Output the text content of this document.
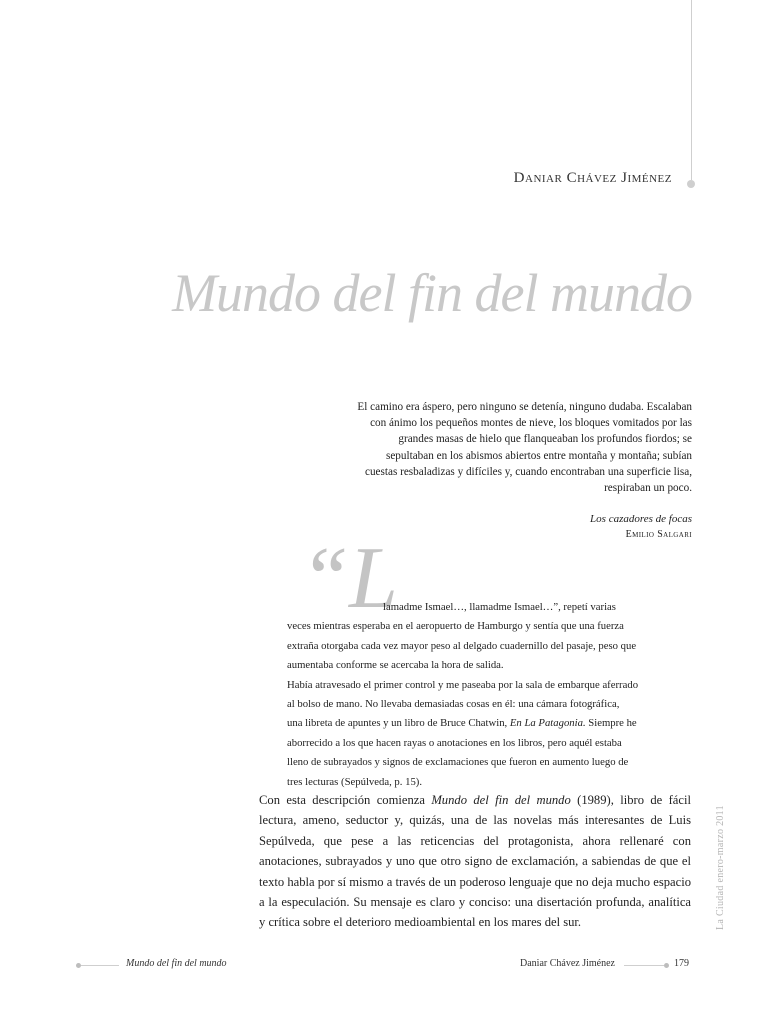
Daniar Chávez Jiménez
Mundo del fin del mundo

El camino era áspero, pero ninguno se detenía, ninguno dudaba. Escalaban

con ánimo los pequeños montes de nieve, los bloques vomitados por las

grandes masas de hielo que flanqueaban los profundos fiordos; se

sepultaban en los abismos abiertos entre montaña y montaña; subían

cuestas resbaladizas y difíciles y, cuando encontraban una superficie lisa,

respiraban un poco.

Los cazadores de focas
Emilio Salgari
“L

lamadme Ismael…, llamadme Ismael…”, repetí varias

veces mientras esperaba en el aeropuerto de Hamburgo y sentía que una fuerza

extraña otorgaba cada vez mayor peso al delgado cuadernillo del pasaje, peso que

aumentaba conforme se acercaba la hora de salida.

Había atravesado el primer control y me paseaba por la sala de embarque aferrado

al bolso de mano. No llevaba demasiadas cosas en él: una cámara fotográfica,

una libreta de apuntes y un libro de Bruce Chatwin, En La Patagonia. Siempre he

aborrecido a los que hacen rayas o anotaciones en los libros, pero aquél estaba

lleno de subrayados y signos de exclamaciones que fueron en aumento luego de

tres lecturas (Sepúlveda, p. 15).

Con esta descripción comienza Mundo del fin del mundo (1989), libro de fácil lectura, ameno, seductor y, quizás, una de las novelas más interesantes de Luis Sepúlveda, que pese a las reticencias del protagonista, ahora rellenaré con anotaciones, subrayados y uno que otro signo de exclamación, a sabiendas de que el texto habla por sí mismo a través de un poderoso lenguaje que no deja mucho espacio a la especulación. Su mensaje es claro y conciso: una disertación profunda, analítica y crítica sobre el deterioro medioambiental en los mares del sur.	La Ciudad enero-marzo 2011
Mundo del fin del mundo	Daniar Chávez Jiménez	179
